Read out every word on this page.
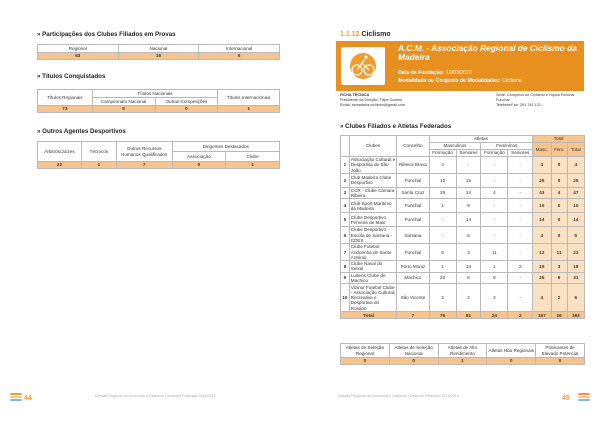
» Participações dos Clubes Filiados em Provas
Regional	Nacional	Internacional
63	16	6
» Títulos Conquistados
Títulos Regionais	Títulos Nacionais		Títulos Internacionais
	Campeonato Nacional	Outras Competições	
73	5	0	1
» Outros Agentes Desportivos
Árbitros/Juízes	Técnicos	Outros Recursos Humanos Qualificados	Dirigentes Destacados	
			Associação	Clube
22	1	7	0	1
44	Direção Regional de Juventude e Desporto | Desporto Federado 2014/2015
1.1.12 Ciclismo
A.C.M. - Associação Regional de Ciclismo da Madeira
Data de Fundação: 12/03/2010
Modalidade ou Conjunto de Modalidades: Ciclismo
FICHA TÉCNICA
Presidente da Direção: Filipe Gomes
Email: acmadeira.ciclismo@gmail.com
Sede: Complexo de Ciclismo e Hípica Funchal
Funchal
Telefone/Fax: 291 741 121
» Clubes Filiados e Atletas Federados
	Clubes	Concelho	Atletas				Total		
			Masculinos		Femininos		Masc.	Fem.	Total
			Formação	Seniores	Formação	Seniores			
1	Associação Cultural e Desportiva de São João	Ribeira Brava	4	-	-	-	4	0	4
2	Club Madeira Clube Desportivo	Funchal	10	15	-	-	25	0	25
3	CCR - Clube Cámara Ribeira	Santa Cruz	29	14	4	-	43	4	47
4	Club Sport Marítimo da Madeira	Funchal	1	9	-	-	10	0	10
5	Clube Desportivo Primeiro de Maio	Funchal	-	14	-	-	14	0	14
6	Clube Desportivo Escola de Santana - CDES	Santana	-	5	-	-	4	0	5
7	Clube Futebol Andorinha de Santo António	Funchal	9	3	11	-	12	11	23
8	Clube Naval do Seixal	Porto Moniz	1	14	1	2	15	3	18
9	Ludens Clube de Machico	Machico	20	5	6	-	25	6	31
10	Vizinur Futebol Clube - Associação Cultural, Recreativa e Desportiva do Rosário	São Vicente	2	2	2	-	4	2	6
Total		7	76	81	24	2	157	26	183
Atletas de Seleção Regional	Atletas de Seleção Nacional	Atletas de Alto Rendimento	Atletas Não Regionais	Praticantes de Elevado Potencial
0	0	1	0	0
Direção Regional de Juventude e Desporto | Desporto Federado 2014/2015	45
